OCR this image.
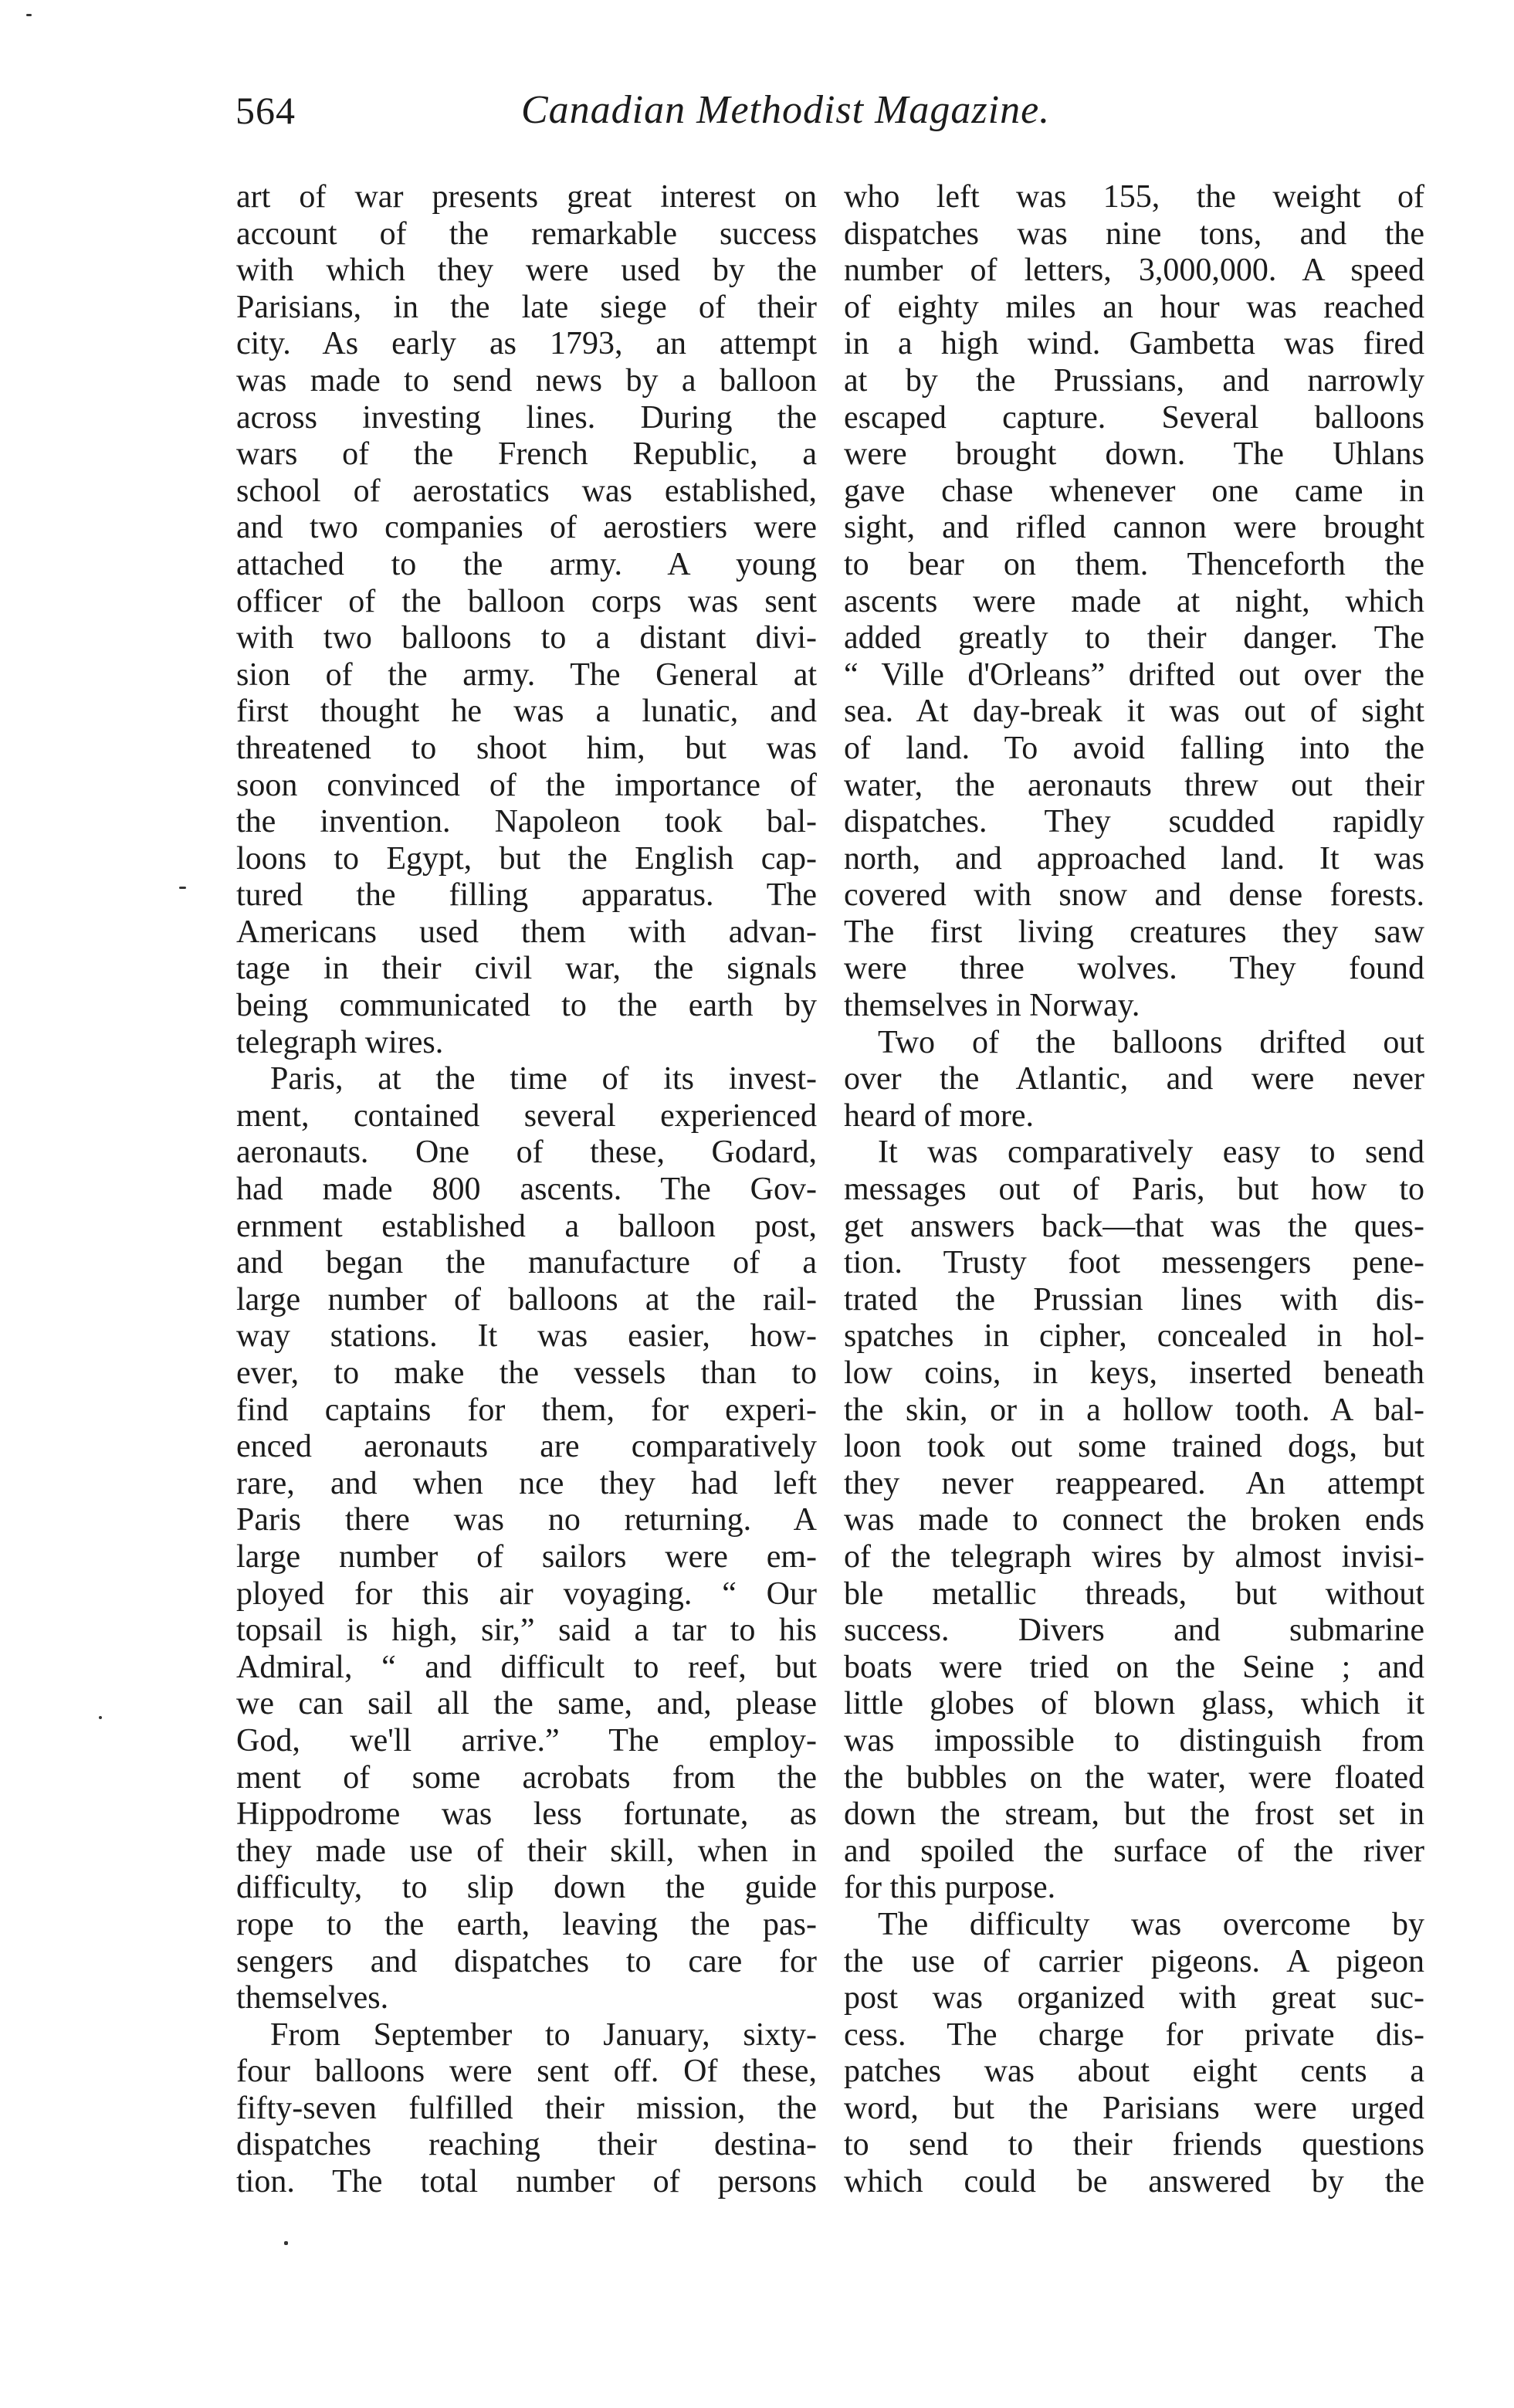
564	Canadian Methodist Magazine.
art of war presents great interest on
account of the remarkable success
with which they were used by the
Parisians, in the late siege of their
city. As early as 1793, an attempt
was made to send news by a balloon
across investing lines. During the
wars of the French Republic, a
school of aerostatics was established,
and two companies of aerostiers were
attached to the army. A young
officer of the balloon corps was sent
with two balloons to a distant divi-
sion of the army. The General at
first thought he was a lunatic, and
threatened to shoot him, but was
soon convinced of the importance of
the invention. Napoleon took bal-
loons to Egypt, but the English cap-
tured the filling apparatus. The
Americans used them with advan-
tage in their civil war, the signals
being communicated to the earth by
telegraph wires.
Paris, at the time of its invest-
ment, contained several experienced
aeronauts. One of these, Godard,
had made 800 ascents. The Gov-
ernment established a balloon post,
and began the manufacture of a
large number of balloons at the rail-
way stations. It was easier, how-
ever, to make the vessels than to
find captains for them, for experi-
enced aeronauts are comparatively
rare, and when nce they had left
Paris there was no returning. A
large number of sailors were em-
ployed for this air voyaging. “ Our
topsail is high, sir,” said a tar to his
Admiral, “ and difficult to reef, but
we can sail all the same, and, please
God, we'll arrive.” The employ-
ment of some acrobats from the
Hippodrome was less fortunate, as
they made use of their skill, when in
difficulty, to slip down the guide
rope to the earth, leaving the pas-
sengers and dispatches to care for
themselves.
From September to January, sixty-
four balloons were sent off. Of these,
fifty-seven fulfilled their mission, the
dispatches reaching their destina-
tion. The total number of persons
who left was 155, the weight of
dispatches was nine tons, and the
number of letters, 3,000,000. A speed
of eighty miles an hour was reached
in a high wind. Gambetta was fired
at by the Prussians, and narrowly
escaped capture. Several balloons
were brought down. The Uhlans
gave chase whenever one came in
sight, and rifled cannon were brought
to bear on them. Thenceforth the
ascents were made at night, which
added greatly to their danger. The
“ Ville d'Orleans” drifted out over the
sea. At day-break it was out of sight
of land. To avoid falling into the
water, the aeronauts threw out their
dispatches. They scudded rapidly
north, and approached land. It was
covered with snow and dense forests.
The first living creatures they saw
were three wolves. They found
themselves in Norway.
Two of the balloons drifted out
over the Atlantic, and were never
heard of more.
It was comparatively easy to send
messages out of Paris, but how to
get answers back—that was the ques-
tion. Trusty foot messengers pene-
trated the Prussian lines with dis-
spatches in cipher, concealed in hol-
low coins, in keys, inserted beneath
the skin, or in a hollow tooth. A bal-
loon took out some trained dogs, but
they never reappeared. An attempt
was made to connect the broken ends
of the telegraph wires by almost invisi-
ble metallic threads, but without
success. Divers and submarine
boats were tried on the Seine ; and
little globes of blown glass, which it
was impossible to distinguish from
the bubbles on the water, were floated
down the stream, but the frost set in
and spoiled the surface of the river
for this purpose.
The difficulty was overcome by
the use of carrier pigeons. A pigeon
post was organized with great suc-
cess. The charge for private dis-
patches was about eight cents a
word, but the Parisians were urged
to send to their friends questions
which could be answered by the
